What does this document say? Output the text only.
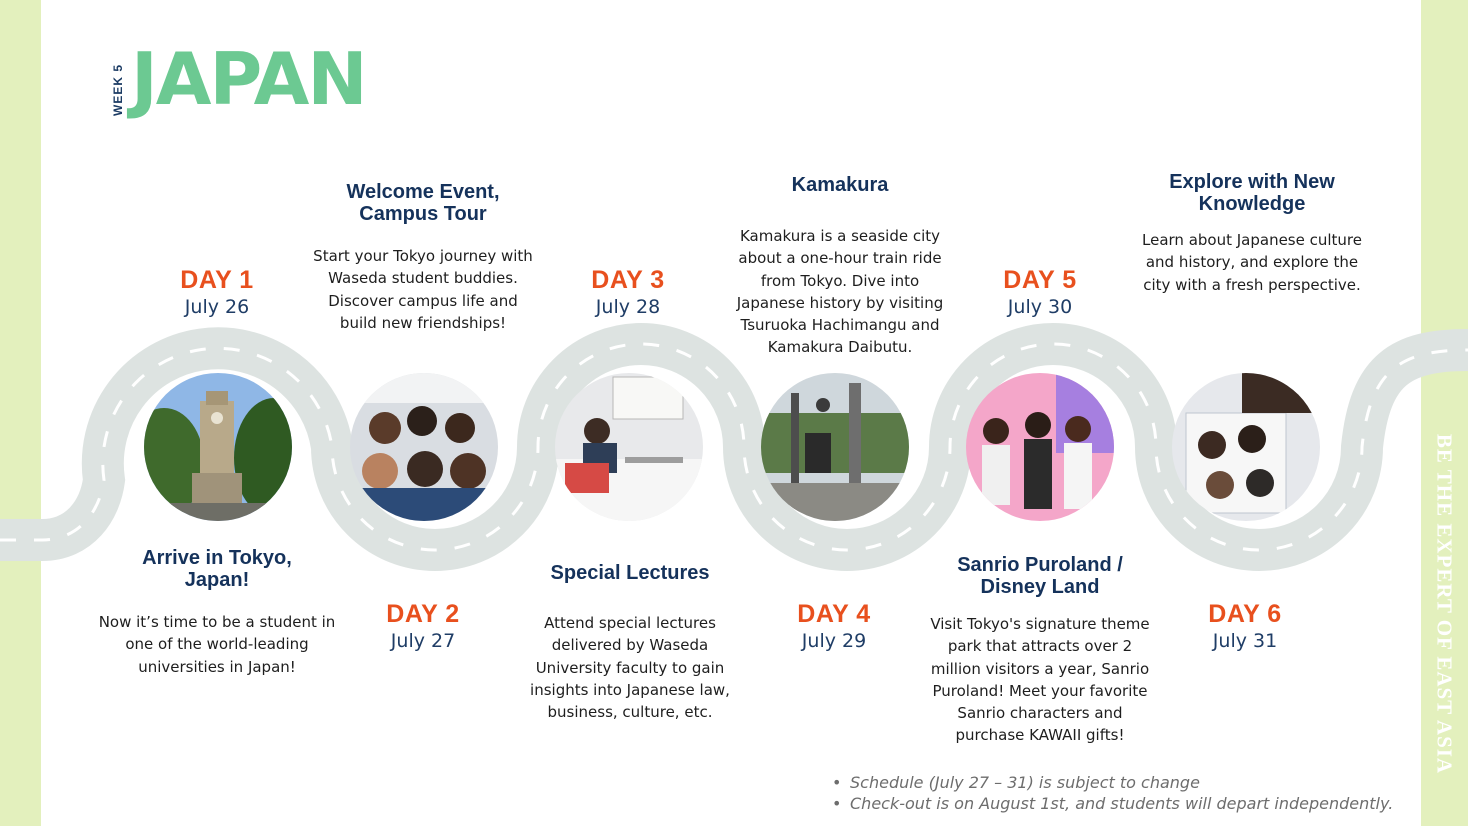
BE THE EXPERT OF EAST ASIA
WEEK 5 JAPAN
DAY 1
July 26
DAY 2
July 27
DAY 3
July 28
DAY 4
July 29
DAY 5
July 30
DAY 6
July 31
Arrive in Tokyo, Japan!
Now it’s time to be a student in one of the world-leading universities in Japan!
Welcome Event, Campus Tour
Start your Tokyo journey with Waseda student buddies. Discover campus life and build new friendships!
Special Lectures
Attend special lectures delivered by Waseda University faculty to gain insights into Japanese law, business, culture, etc.
Kamakura
Kamakura is a seaside city about a one-hour train ride from Tokyo. Dive into Japanese history by visiting Tsuruoka Hachimangu and Kamakura Daibutu.
Sanrio Puroland / Disney Land
Visit Tokyo's signature theme park that attracts over 2 million visitors a year, Sanrio Puroland! Meet your favorite Sanrio characters and purchase KAWAII gifts!
Explore with New Knowledge
Learn about Japanese culture and history, and explore the city with a fresh perspective.
• Schedule (July 27 – 31) is subject to change
• Check-out is on August 1st, and students will depart independently.
